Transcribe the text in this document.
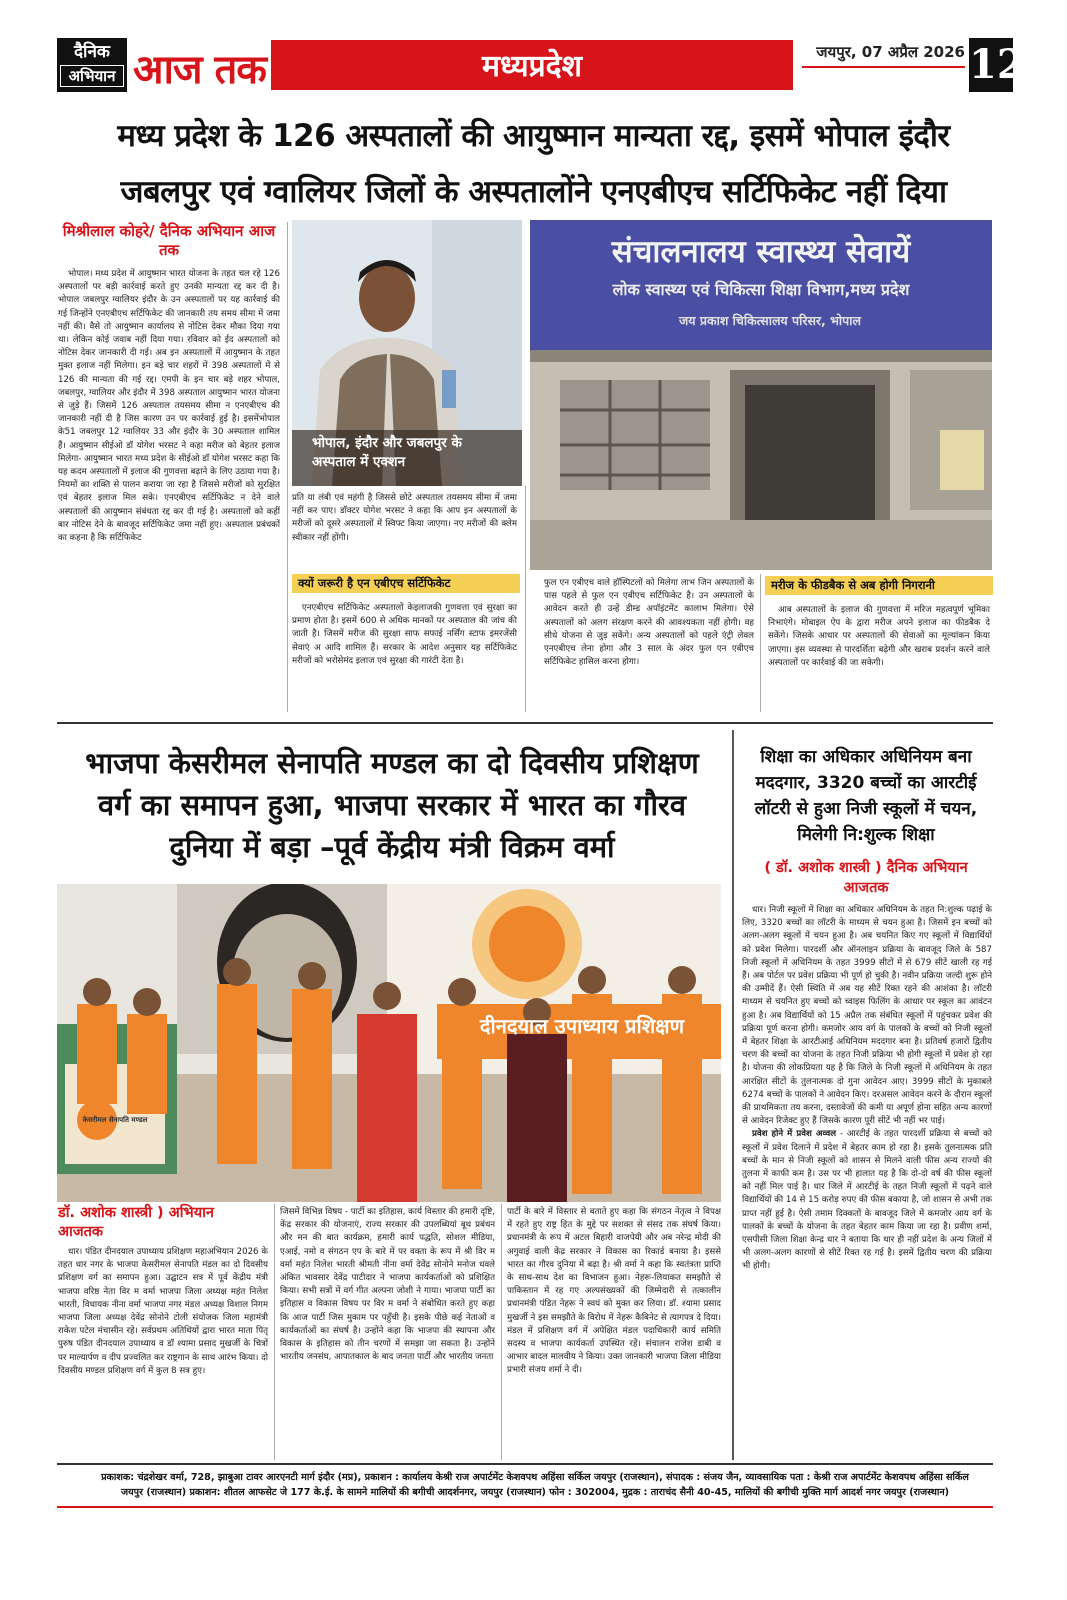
दैनिक
अभियान आज तक	मध्यप्रदेश	जयपुर, 07 अप्रैल 2026 12
मध्य प्रदेश के 126 अस्पतालों की आयुष्मान मान्यता रद्द, इसमें भोपाल इंदौर
जबलपुर एवं ग्वालियर जिलों के अस्पतालोंने एनएबीएच सर्टिफिकेट नहीं दिया
मिश्रीलाल कोहरे/ दैनिक अभियान आज तक

भोपाल। मध्य प्रदेश में आयुष्मान भारत योजना के तहत चल रहे 126 अस्पतालों पर बड़ी कार्रवाई करते हुए उनकी मान्यता रद्द कर दी है। भोपाल जबलपुर ग्वालियर इंदौर के उन अस्पतालों पर यह कार्रवाई की गई जिन्होंने एनएबीएच सर्टिफिकेट की जानकारी तय समय सीमा में जमा नहीं की। वैसे तो आयुष्मान कार्यालय से नोटिस देकर मौका दिया गया था। लेकिन कोई जवाब नहीं दिया गया। रविवार को ईद अस्पतालों को नोटिस देकर जानकारी दी गई। अब इन अस्पतालों में आयुष्मान के तहत मुक्त इलाज नहीं मिलेगा। इन बड़े चार शहरों में 398 अस्पतालों में से 126 की मान्यता की गई रद्द। एमपी के इन चार बड़े शहर भोपाल, जबलपुर, ग्वालियर और इंदौर में 398 अस्पताल आयुष्मान भारत योजना से जुड़े हैं। जिसमें 126 अस्पताल तयसमय सीमा न एनएबीएच की जानकारी नहीं दी है जिस कारण उन पर कार्रवाई हुई है। इसमेंभोपाल के51 जबलपुर 12 ग्वालियर 33 और इंदौर के 30 अस्पताल शामिल हैं। आयुष्मान सीईओ डॉ योगेश भरसट ने कहा मरीज को बेहतर इलाज मिलेगा- आयुष्मान भारत मध्य प्रदेश के सीईओ डॉ योगेश भरसट कहा कि यह कदम अस्पतालों में इलाज की गुणवत्ता बढ़ाने के लिए उठाया गया है। नियमों का शक्ति से पालन कराया जा रहा है जिससे मरीजों को सुरक्षित एवं बेहतर इलाज मिल सके। एनएबीएच सर्टिफिकेट न देने वाले अस्पतालों की आयुष्मान संबंधता रद्द कर दी गई है। अस्पतालों को कहीं बार नोटिस देने के बावजूद सर्टिफिकेट जमा नहीं हुए। अस्पताल प्रबंधकों का कहना है कि सर्टिफिकेट

भोपाल, इंदौर और जबलपुर के अस्पताल में एक्शन

प्रति या लंबी एवं महंगी है जिससे छोटे अस्पताल तयसमय सीमा में जमा नहीं कर पाए। डॉक्टर योगेश भरसट ने कहा कि आप इन अस्पतालों के मरीजों को दूसरे अस्पतालों में स्विफ्ट किया जाएगा। नए मरीजों की क्लेम स्वीकार नहीं होंगी।

क्यों जरूरी है एन एबीएच सर्टिफिकेट

एनएबीएच सर्टिफिकेट अस्पतालों केइलाजकी गुणवत्ता एवं सुरक्षा का प्रमाण होता है। इसमें 600 से अधिक मानकों पर अस्पताल की जांच की जाती है। जिसमें मरीज की सुरक्षा साफ सफाई नर्सिंग स्टाफ इमरजेंसी सेवाएं अ आदि शामिल हैं। सरकार के आदेश अनुसार यह सर्टिफिकेट मरीजों को भरोसेमंद इलाज एवं सुरक्षा की गारंटी देता है।

संचालनालय स्वास्थ्य सेवायें
लोक स्वास्थ्य एवं चिकित्सा शिक्षा विभाग,मध्य प्रदेश
जय प्रकाश चिकित्सालय परिसर, भोपाल

फुल एन एबीएच वाले हॉस्पिटलों को मिलेगा लाभ जिन अस्पतालों के पास पहले से फुल एन एबीएच सर्टिफिकेट है। उन अस्पतालों के आवेदन करते ही उन्हें डीम्ड अपॉइंटमेंट कालाभ मिलेगा। ऐसे अस्पतालों को अलग संरक्षण करने की आवश्यकता नहीं होगी। वह सीधे योजना से जुड़ सकेंगे। अन्य अस्पतालों को पहले एंट्री लेवल एनएबीएच लेना होगा और 3 साल के अंदर फुल एन एबीएच सर्टिफिकेट हासिल करना होगा।

मरीज के फीडबैक से अब होगी निगरानी

आब अस्पतालों के इलाज की गुणवत्ता में मरिज महत्वपूर्ण भूमिका निभाएंगे। मोबाइल ऐप के द्वारा मरीज अपने इलाज का फीडबैक दे सकेंगे। जिसके आधार पर अस्पतालों की सेवाओं का मूल्यांकन किया जाएगा। इस व्यवस्था से पारदर्शिता बढ़ेगी और खराब प्रदर्शन करने वाले अस्पतालों पर कार्रवाई की जा सकेगी।

भाजपा केसरीमल सेनापति मण्डल का दो दिवसीय प्रशिक्षण वर्ग का समापन हुआ, भाजपा सरकार में भारत का गौरव दुनिया में बड़ा –पूर्व केंद्रीय मंत्री विक्रम वर्मा
केसरीमल सेनापति मण्डल
दीनदयाल उपाध्याय प्रशिक्षण
डॉ. अशोक शास्त्री ) अभियान आजतक

धार। पंडित दीनदयाल उपाध्याय प्रशिक्षण महाअभियान 2026 के तहत धार नगर के भाजपा केसरीमल सेनापति मंडल का दो दिवसीय प्रशिक्षण वर्ग का समापन हुआ। उद्घाटन सत्र में पूर्व केंद्रीय मंत्री भाजपा वरिष्ठ नेता विर म वर्मा भाजपा जिला अध्यक्ष महंत निलेश भारती, विधायक नीना वर्मा भाजपा नगर मंडल अध्यक्ष विशाल निगम भाजपा जिला अध्यक्ष देवेंद्र सोनोने टोली संयोजक जिला महामंत्री राकेश पटेल मंचासीन रहे। सर्वप्रथम अतिथियों द्वारा भारत माता पितृ पुरुष पंडित दीनदयाल उपाध्याय व डॉ श्यामा प्रसाद मुखर्जी के चित्रों पर माल्यार्पण व दीप प्रज्वलित कर राष्ट्रगान के साथ आरंभ किया। दो दिवसीय मण्डल प्रशिक्षण वर्ग में कुल 8 सत्र हुए।

जिसमें विभिन्न विषय - पार्टी का इतिहास, कार्य विस्तार की हमारी दृष्टि, केंद्र सरकार की योजनाएं, राज्य सरकार की उपलब्धियां बूथ प्रबंधन और मन की बात कार्यक्रम, हमारी कार्य पद्धति, सोशल मीडिया, एआई, नमो व संगठन एप के बारे में पर वक्ता के रूप में श्री विर म वर्मा महंत निलेश भारती श्रीमती नीना वर्मा देवेंद्र सोनोने मनोज धवले अंकित भावसार देवेंद्र पाटीदार ने भाजपा कार्यकर्ताओं को प्रशिक्षित किया। सभी सत्रों में वर्ग गीत अल्पना जोशी ने गाया। भाजपा पार्टी का इतिहास व विकास विषय पर विर म वर्मा ने संबोधित करते हुए कहा कि आज पार्टी जिस मुकाम पर पहुँची है। इसके पीछे कई नेताओं व कार्यकर्ताओं का संघर्ष है। उन्होंने कहा कि भाजपा की स्थापना और विकास के इतिहास को तीन चरणों में समझा जा सकता है। उन्होंने भारतीय जनसंघ, आपातकाल के बाद जनता पार्टी और भारतीय जनता

पार्टी के बारे में विस्तार से बताते हुए कहा कि संगठन नेतृत्व ने विपक्ष में रहते हुए राष्ट्र हित के मुद्दे पर सशक्त से संसद तक संघर्ष किया। प्रधानमंत्री के रूप में अटल बिहारी वाजपेयी और अब नरेन्द्र मोदी की अगुवाई वाली केंद्र सरकार ने विकास का रिकार्ड बनाया है। इससे भारत का गौरव दुनिया में बढ़ा है। श्री वर्मा ने कहा कि स्वतंत्रता प्राप्ति के साथ-साथ देश का विभाजन हुआ। नेहरू-लियाकत समझौते से पाकिस्तान में रह गए अल्पसंख्यकों की जिम्मेदारी से तत्कालीन प्रधानमंत्री पंडित नेहरू ने स्वयं को मुक्त कर लिया। डॉ. श्यामा प्रसाद मुखर्जी ने इस समझौते के विरोध में नेहरू कैबिनेट से त्यागपत्र दे दिया। मंडल में प्रशिक्षण वर्ग में अपेक्षित मंडल पदाधिकारी कार्य समिति सदस्य व भाजपा कार्यकर्ता उपस्थित रहें। संचालन राजेश डाबी व आभार बादल मालवीय ने किया। उक्त जानकारी भाजपा जिला मीडिया प्रभारी संजय शर्मा ने दी।

शिक्षा का अधिकार अधिनियम बना मददगार, 3320 बच्चों का आरटीई लॉटरी से हुआ निजी स्कूलों में चयन, मिलेगी नि:शुल्क शिक्षा
( डॉ. अशोक शास्त्री ) दैनिक अभियान आजतक

धार। निजी स्कूलों में शिक्षा का अधिकार अधिनियम के तहत नि:शुल्क पढ़ाई के लिए, 3320 बच्चों का लॉटरी के माध्यम से चयन हुआ है। जिसमें इन बच्चों को अलग-अलग स्कूलों में चयन हुआ है। अब चयनित किए गए स्कूलों में विद्यार्थियों को प्रवेश मिलेगा। पारदर्शी और ऑनलाइन प्रक्रिया के बावजूद जिले के 587 निजी स्कूलों में अधिनियम के तहत 3999 सीटों में से 679 सीटें खाली रह गई हैं। अब पोर्टल पर प्रवेश प्रक्रिया भी पूर्ण हो चुकी है। नवीन प्रक्रिया जल्दी शुरू होने की उम्मीदें हैं। ऐसी स्थिति में अब यह सीटें रिक्त रहने की आशंका है। लॉटरी माध्यम से चयनित हुए बच्चों को च्वाइस फिलिंग के आधार पर स्कूल का आवंटन हुआ है। अब विद्यार्थियों को 15 अप्रैल तक संबंधित स्कूलों में पहुंचकर प्रवेश की प्रक्रिया पूर्ण करना होगी। कमजोर आय वर्ग के पालकों के बच्चों को निजी स्कूलों में बेहतर शिक्षा के आरटीआई अधिनियम मददगार बना है। प्रतिवर्ष हजारों द्वितीय चरण की बच्चों का योजना के तहत निजी प्रक्रिया भी होगी स्कूलों में प्रवेश हो रहा है। योजना की लोकप्रियता यह है कि जिले के निजी स्कूलों में अधिनियम के तहत आरक्षित सीटों के तुलनात्मक दो गुना आवेदन आए। 3999 सीटों के मुकाबले 6274 बच्चों के पालकों ने आवेदन किए। दरअसल आवेदन करने के दौरान स्कूलों की प्राथमिकता तय करना, दस्तावेजों की कमी या अपूर्ण होना सहित अन्य कारणों से आवेदन रिजेक्ट हुए हैं जिसके कारण पूरी सीटें भी नहीं भर पाई।

प्रवेश होने में प्रवेश अव्वल - आरटीई के तहत पारदर्शी प्रक्रिया से बच्चों को स्कूलों में प्रवेश दिलाने में प्रदेश में बेहतर काम हो रहा है। इसके तुलनात्मक प्रति बच्चों के मान से निजी स्कूलों को शासन से मिलने वाली फीस अन्य राज्यों की तुलना में काफी कम है। उस पर भी हालात यह है कि दो-दो वर्ष की फीस स्कूलों को नहीं मिल पाई है। धार जिले में आरटीई के तहत निजी स्कूलों में पढ़ने वाले विद्यार्थियों की 14 से 15 करोड़ रुपए की फीस बकाया है, जो शासन से अभी तक प्राप्त नहीं हुई है। ऐसी तमाम दिक्कतों के बावजूद जिले में कमजोर आय वर्ग के पालकों के बच्चों के योजना के तहत बेहतर काम किया जा रहा है। प्रवीण शर्मा, एसपीसी जिला शिक्षा केन्द्र धार ने बताया कि धार ही नहीं प्रदेश के अन्य जिलों में भी अलग-अलग कारणों से सीटें रिक्त रह गई है। इसमें द्वितीय चरण की प्रक्रिया भी होगी।

प्रकाशक: चंद्रशेखर वर्मा, 728, झाबुआ टावर आरएनटी मार्ग इंदौर (मप्र), प्रकाशन : कार्यालय केश्री राज अपार्टमेंट केशवपथ अहिंसा सर्किल जयपुर (राजस्थान), संपादक : संजय जैन, व्यावसायिक पता : केश्री राज अपार्टमेंट केशवपथ अहिंसा सर्किल
जयपुर (राजस्थान) प्रकाशन: शीतल आफसेट जे 177 के.ई. के सामने मालियों की बगीची आदर्शनगर, जयपुर (राजस्थान) फोन : 302004, मुद्रक : ताराचंद सैनी 40-45, मालियों की बगीची मुक्ति मार्ग आदर्श नगर जयपुर (राजस्थान)
